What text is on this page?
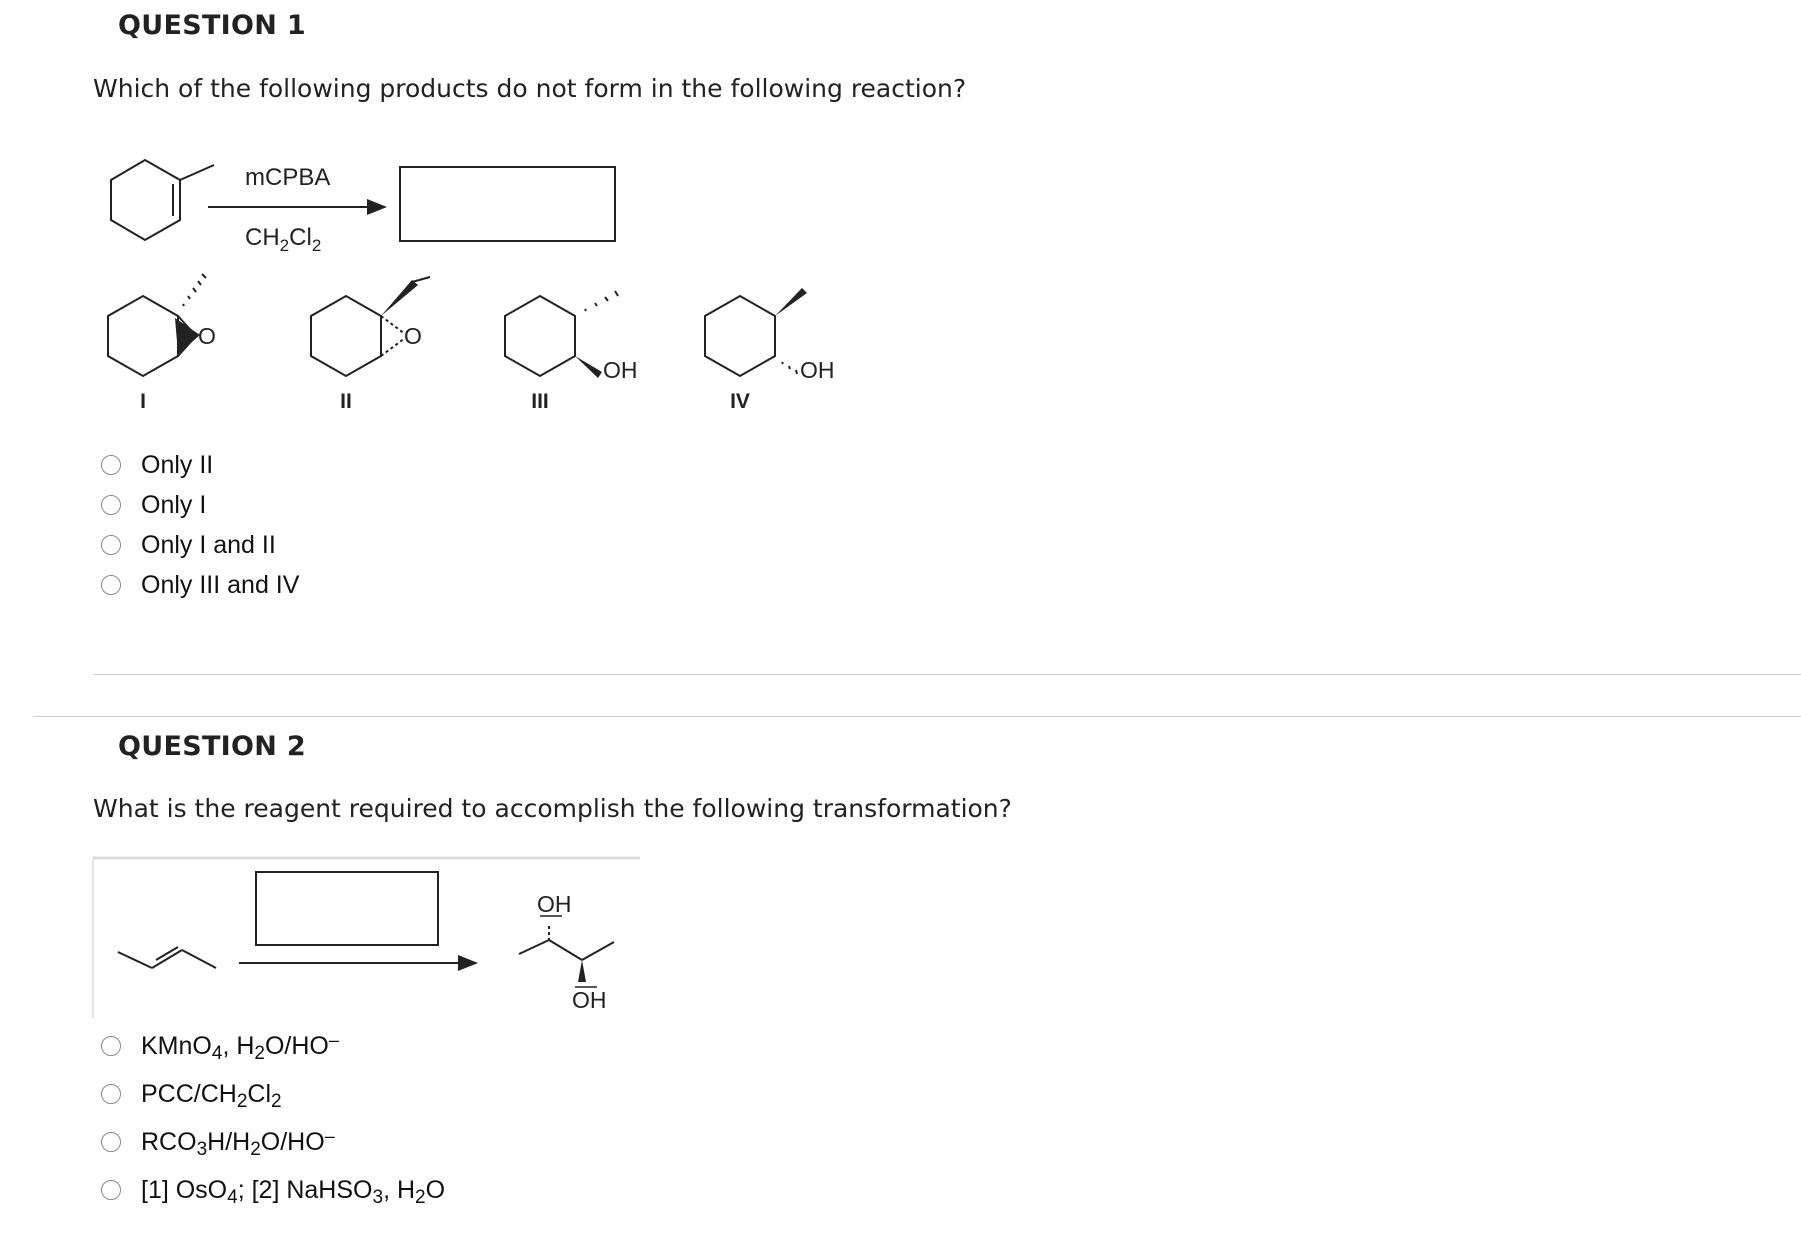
QUESTION 1
Which of the following products do not form in the following reaction?
mCPBA
$CH_2Cl_2$
O	O
OH	OH
I	II	III	IV
Only II
Only I
Only I and II
Only III and IV
QUESTION 2
What is the reagent required to accomplish the following transformation?
OH
OH
KMnO$_4$, $H_2O/HO^-$
PCC/$CH_2Cl_2$
$RCO_3H/H_2O/HO^-$
[1] OsO$_4$; [2] NaHSO$_3$, $H_2O$
